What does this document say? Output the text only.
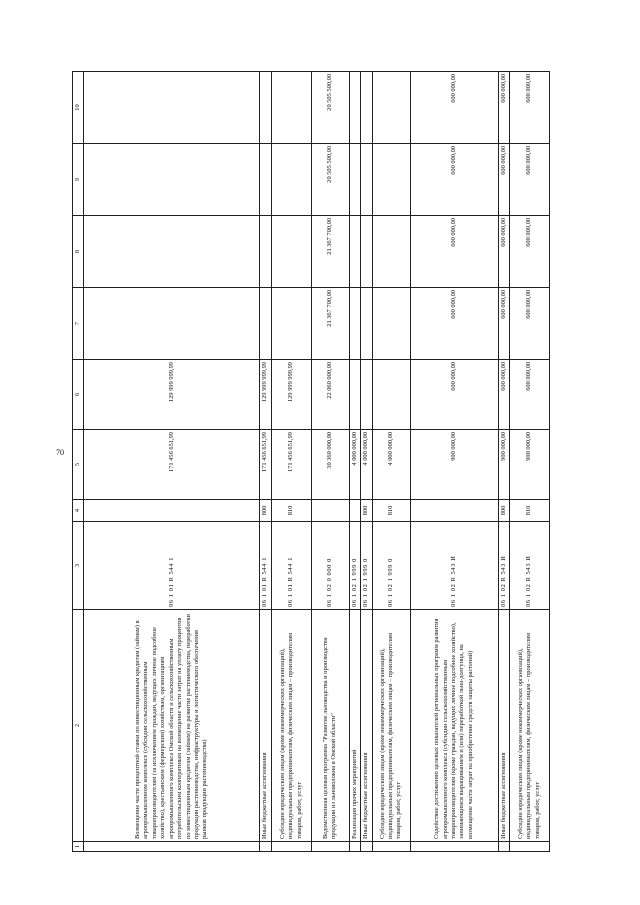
70
1	2	3	4	5	6	7	8	9	10
	Возмещение части процентной ставки по инвестиционным кредитам (займам) в агропромышленном комплексе (субсидии сельскохозяйственным товаропроизводителям (за исключением граждан, ведущих личное подсобное хозяйство), крестьянским (фермерским) хозяйствам, организациям агропромышленного комплекса Омской области и сельскохозяйственным потребительским кооперативам на возмещение части затрат на уплату процентов по инвестиционным кредитам (займам) на развитие растениеводства, переработки продукции растениеводства, инфраструктуры и логистического обеспечения рынков продукции растениеводства)	06 1 01 R 544 1		171 456 651,99	129 999 999,99				
	Иные бюджетные ассигнования	06 1 01 R 544 1	800	171 456 651,99	129 999 999,99				
	Субсидии юридическим лицам (кроме некоммерческих организаций), индивидуальным предпринимателям, физическим лицам – производителям товаров, работ, услуг	06 1 01 R 544 1	810	171 456 651,99	129 999 999,99				
	Ведомственная целевая программа "Развитие льноводства и производства продукции из льноволокна в Омской области"	06 1 02 0 000 0		30 360 000,00	22 060 000,00	21 367 700,00	21 367 700,00	20 505 500,00	20 505 500,00
	Реализация прочих мероприятий	06 1 02 1 999 0		4 000 000,00					
	Иные бюджетные ассигнования	06 1 02 1 999 0	800	4 000 000,00					
	Субсидии юридическим лицам (кроме некоммерческих организаций), индивидуальным предпринимателям, физическим лицам – производителям товаров, работ, услуг	06 1 02 1 999 0	810	4 000 000,00					
	Содействие достижению целевых показателей региональных программ развития агропромышленного комплекса (субсидии сельскохозяйственным товаропроизводителям (кроме граждан, ведущих личное подсобное хозяйство), занимающимся выращиванием и (или) переработкой льна-долгунца, на возмещение части затрат на приобретение средств защиты растений)	06 1 02 R 543 И		900 000,00	600 000,00	600 000,00	600 000,00	600 000,00	600 000,00
	Иные бюджетные ассигнования	06 1 02 R 543 И	800	900 000,00	600 000,00	600 000,00	600 000,00	600 000,00	600 000,00
	Субсидии юридическим лицам (кроме некоммерческих организаций), индивидуальным предпринимателям, физическим лицам – производителям товаров, работ, услуг	06 1 02 R 543 И	810	900 000,00	600 000,00	600 000,00	600 000,00	600 000,00	600 000,00
